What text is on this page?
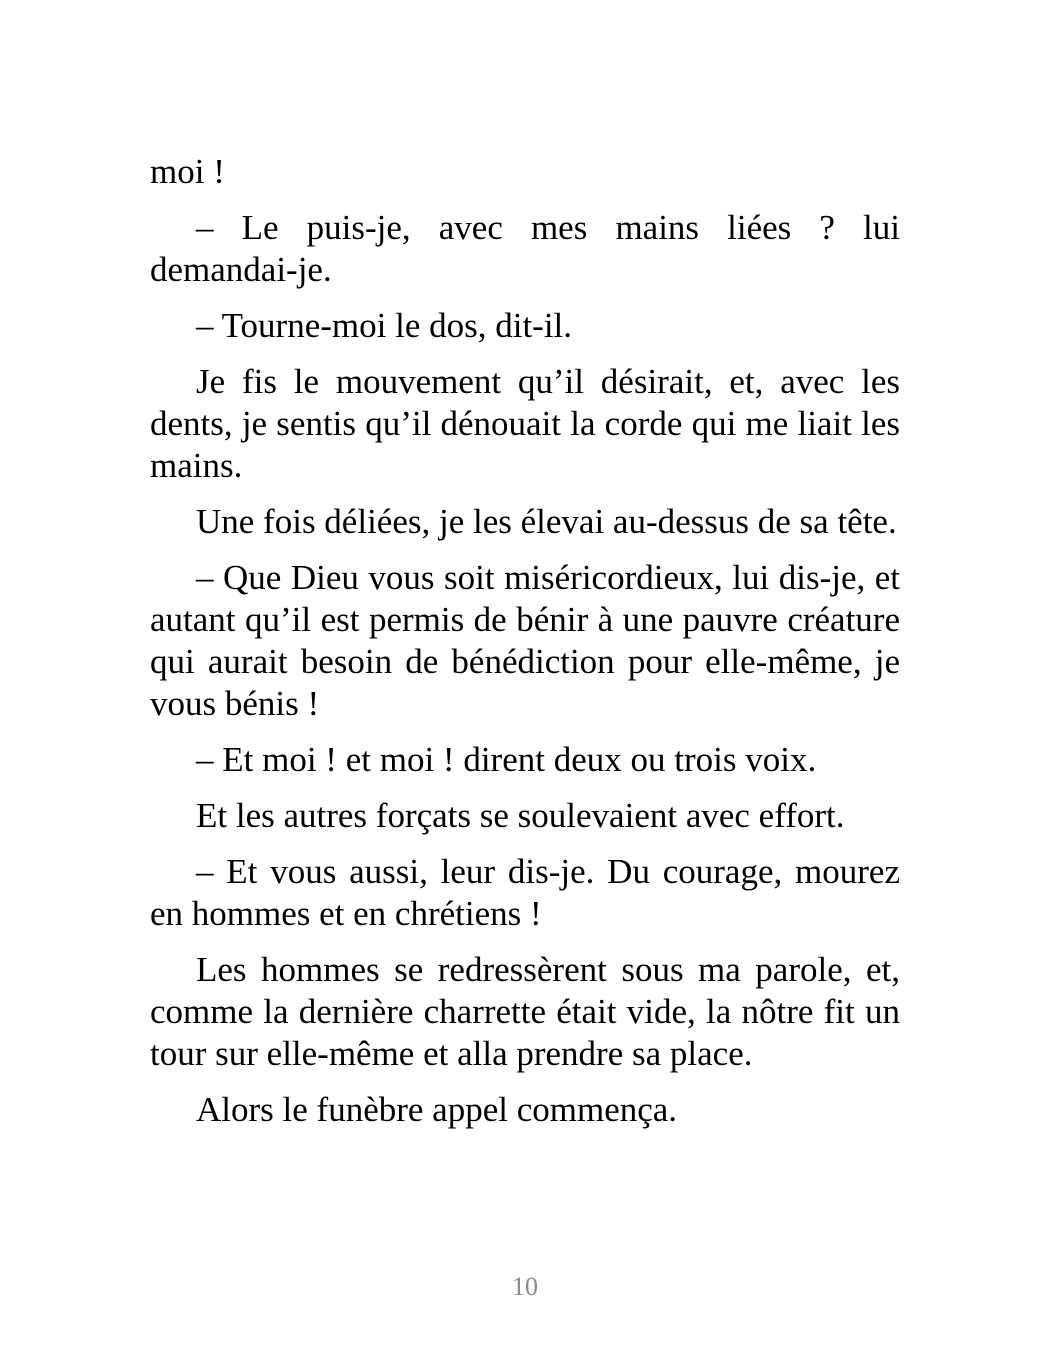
moi !

– Le puis-je, avec mes mains liées ? lui demandai-je.

– Tourne-moi le dos, dit-il.

Je fis le mouvement qu’il désirait, et, avec les dents, je sentis qu’il dénouait la corde qui me liait les mains.

Une fois déliées, je les élevai au-dessus de sa tête.

– Que Dieu vous soit miséricordieux, lui dis-je, et autant qu’il est permis de bénir à une pauvre créature qui aurait besoin de bénédiction pour elle-même, je vous bénis !

– Et moi ! et moi ! dirent deux ou trois voix.

Et les autres forçats se soulevaient avec effort.

– Et vous aussi, leur dis-je. Du courage, mourez en hommes et en chrétiens !

Les hommes se redressèrent sous ma parole, et, comme la dernière charrette était vide, la nôtre fit un tour sur elle-même et alla prendre sa place.

Alors le funèbre appel commença.

10
